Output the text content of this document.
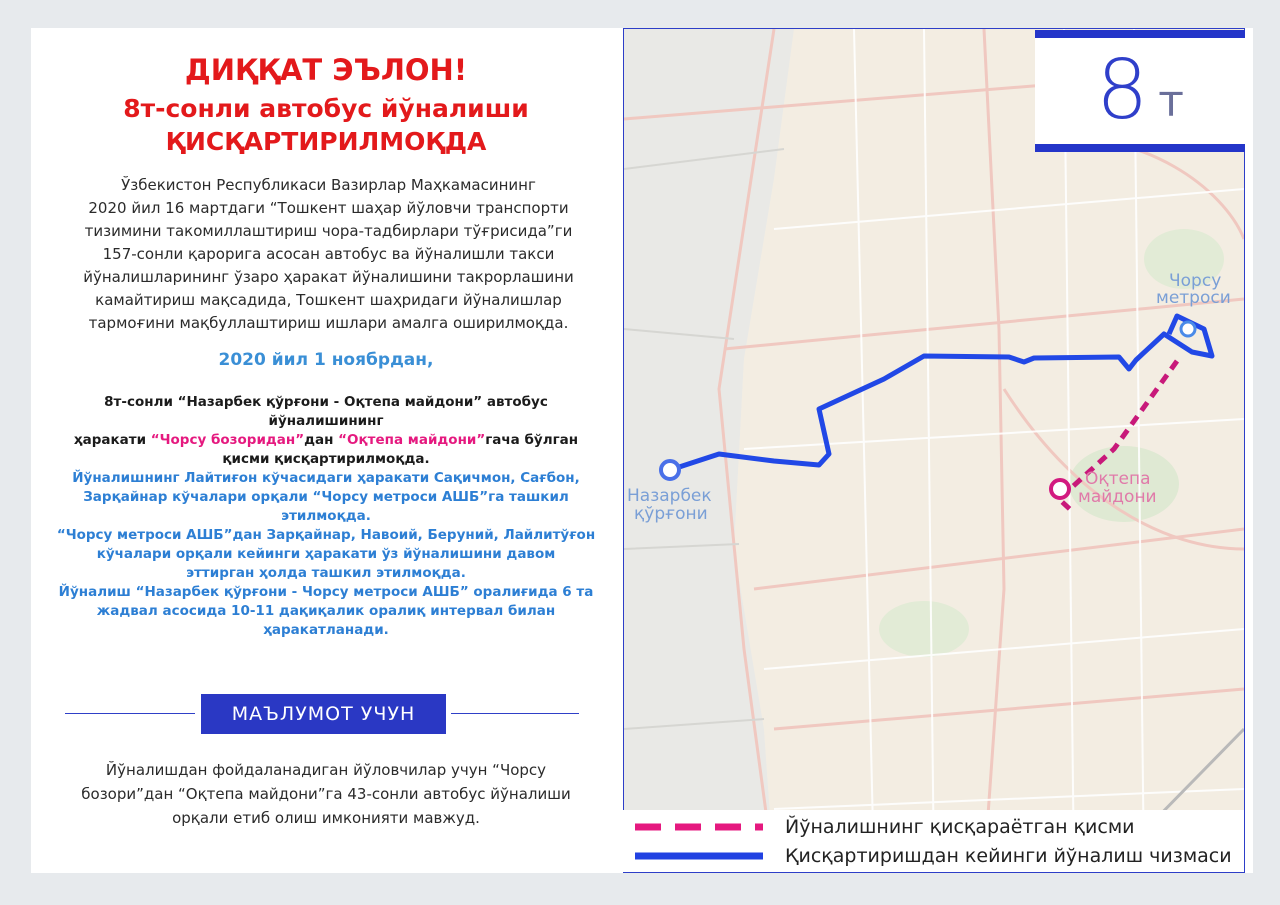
ДИҚҚАТ ЭЪЛОН!
8т-сонли автобус йўналиши
ҚИСҚАРТИРИЛМОҚДА
Ўзбекистон Республикаси Вазирлар Маҳкамасининг
2020 йил 16 мартдаги “Тошкент шаҳар йўловчи транспорти
тизимини такомиллаштириш чора-тадбирлари тўғрисида”ги
157-сонли қарорига асосан автобус ва йўналишли такси
йўналишларининг ўзаро ҳаракат йўналишини такрорлашини
камайтириш мақсадида, Тошкент шаҳридаги йўналишлар
тармоғини мақбуллаштириш ишлари амалга оширилмоқда.
2020 йил 1 ноябрдан,
8т-сонли “Назарбек қўрғони - Оқтепа майдони” автобус йўналишининг
ҳаракати “Чорсу бозоридан”дан “Оқтепа майдони”гача бўлган
қисми қисқартирилмоқда.
Йўналишнинг Лайтиғон кўчасидаги ҳаракати Сақичмон, Сағбон,
Зарқайнар кўчалари орқали “Чорсу метроси АШБ”га ташкил
этилмоқда.
“Чорсу метроси АШБ”дан Зарқайнар, Навоий, Беруний, Лайлитўғон
кўчалари орқали кейинги ҳаракати ўз йўналишини давом
эттирган ҳолда ташкил этилмоқда.
Йўналиш “Назарбек қўрғони - Чорсу метроси АШБ” оралиғида 6 та
жадвал асосида 10-11 дақиқалик оралиқ интервал билан
ҳаракатланади.
МАЪЛУМОТ УЧУН
Йўналишдан фойдаланадиган йўловчилар учун “Чорсу
бозори”дан “Оқтепа майдони”га 43-сонли автобус йўналиши
орқали етиб олиш имконияти мавжуд.
Назарбек
қўрғони
Чорсу
метроси
Оқтепа
майдони
8 т
Йўналишнинг қисқараётган қисми
Қисқартиришдан кейинги йўналиш чизмаси
